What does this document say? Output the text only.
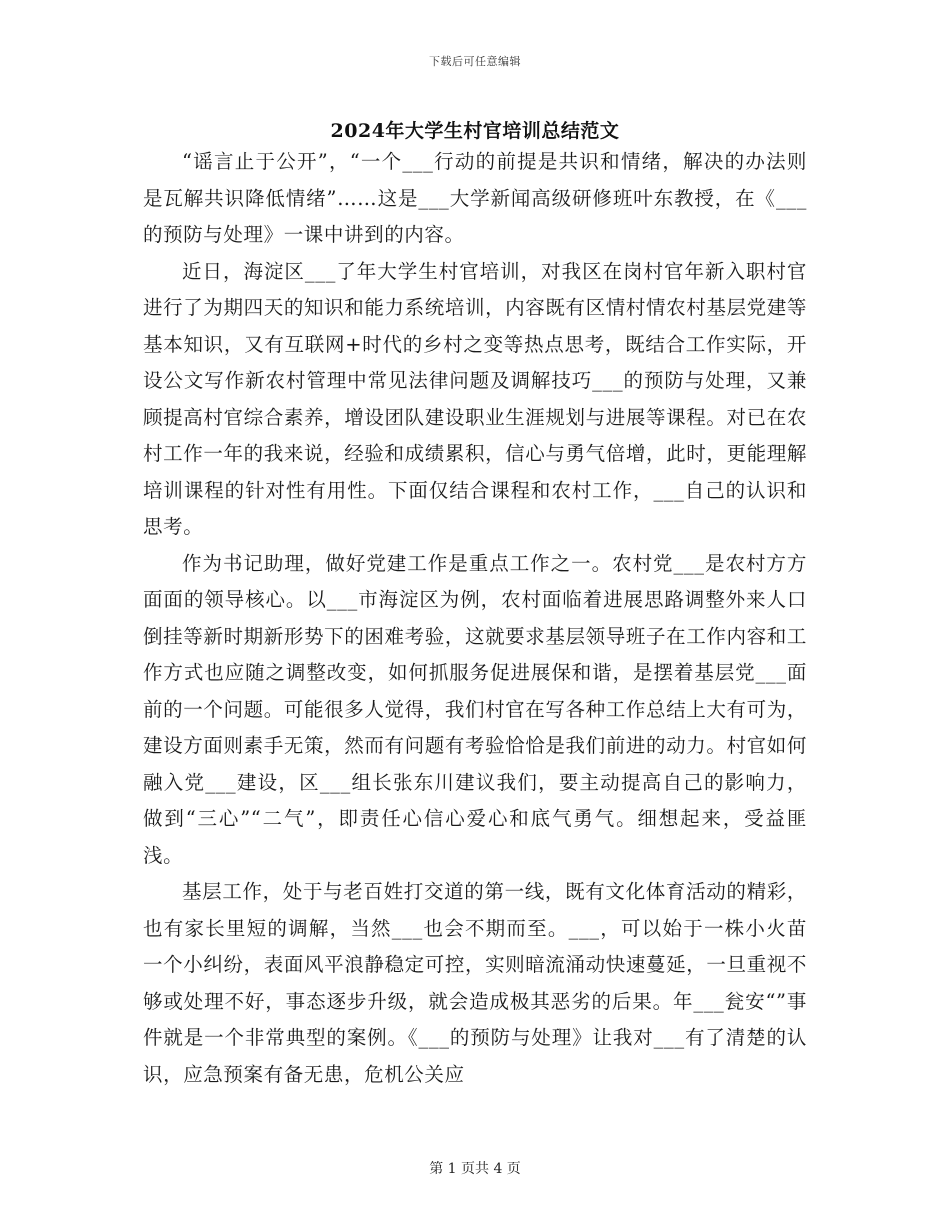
下载后可任意编辑
2024年大学生村官培训总结范文

“谣言止于公开”，“一个___行动的前提是共识和情绪，解决的办法则是瓦解共识降低情绪”……这是___大学新闻高级研修班叶东教授，在《___的预防与处理》一课中讲到的内容。

近日，海淀区___了年大学生村官培训，对我区在岗村官年新入职村官进行了为期四天的知识和能力系统培训，内容既有区情村情农村基层党建等基本知识，又有互联网+时代的乡村之变等热点思考，既结合工作实际，开设公文写作新农村管理中常见法律问题及调解技巧___的预防与处理，又兼顾提高村官综合素养，增设团队建设职业生涯规划与进展等课程。对已在农村工作一年的我来说，经验和成绩累积，信心与勇气倍增，此时，更能理解培训课程的针对性有用性。下面仅结合课程和农村工作，___自己的认识和思考。

作为书记助理，做好党建工作是重点工作之一。农村党___是农村方方面面的领导核心。以___市海淀区为例，农村面临着进展思路调整外来人口倒挂等新时期新形势下的困难考验，这就要求基层领导班子在工作内容和工作方式也应随之调整改变，如何抓服务促进展保和谐，是摆着基层党___面前的一个问题。可能很多人觉得，我们村官在写各种工作总结上大有可为，建设方面则素手无策，然而有问题有考验恰恰是我们前进的动力。村官如何融入党___建设，区___组长张东川建议我们，要主动提高自己的影响力，做到“三心”“二气”，即责任心信心爱心和底气勇气。细想起来，受益匪浅。

基层工作，处于与老百姓打交道的第一线，既有文化体育活动的精彩，也有家长里短的调解，当然___也会不期而至。___，可以始于一株小火苗一个小纠纷，表面风平浪静稳定可控，实则暗流涌动快速蔓延，一旦重视不够或处理不好，事态逐步升级，就会造成极其恶劣的后果。年___瓮安“”事件就是一个非常典型的案例。《___的预防与处理》让我对___有了清楚的认识，应急预案有备无患，危机公关应

第 1 页共 4 页
